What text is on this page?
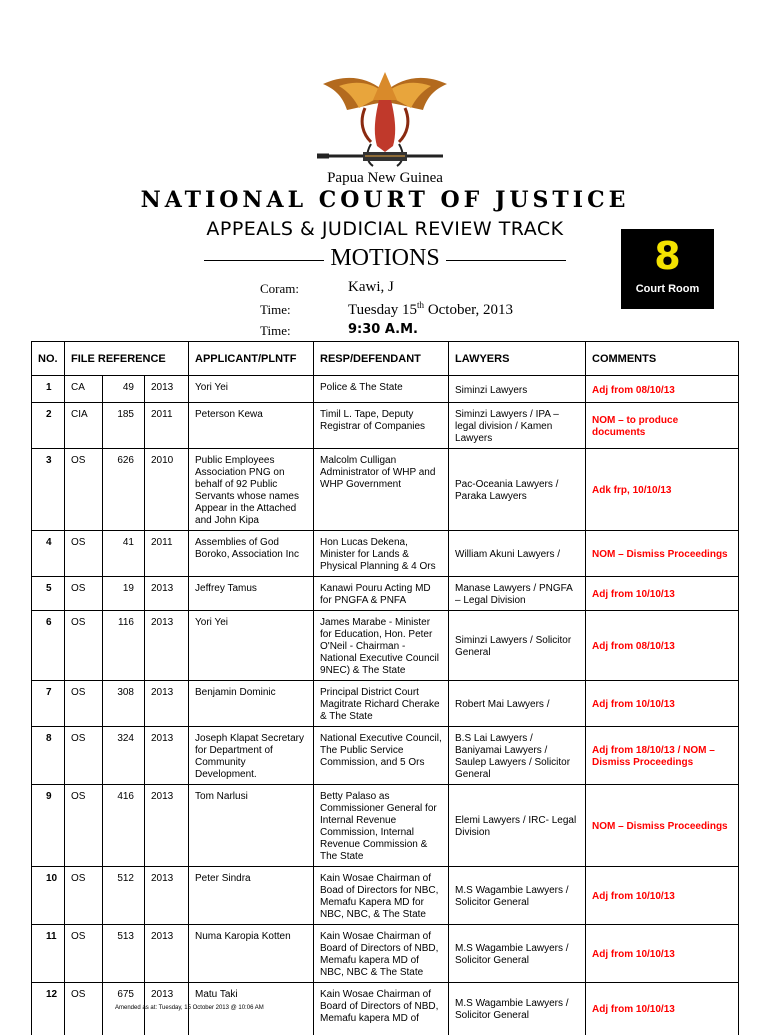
Papua New Guinea
NATIONAL COURT OF JUSTICE
APPEALS & JUDICIAL REVIEW TRACK
MOTIONS	8
Court Room
Coram:	Kawi, J
Time:	Tuesday 15th October, 2013
Time:	9:30 A.M.
NO.	FILE REFERENCE			APPLICANT/PLNTF	RESP/DEFENDANT	LAWYERS	COMMENTS
1	CA	49	2013	Yori Yei	Police & The State	Siminzi Lawyers	Adj from 08/10/13
2	CIA	185	2011	Peterson Kewa	Timil L. Tape, Deputy Registrar of Companies	Siminzi Lawyers / IPA – legal division / Kamen Lawyers	NOM – to produce documents
3	OS	626	2010	Public Employees Association PNG on behalf of 92 Public Servants whose names Appear in the Attached and John Kipa	Malcolm Culligan Administrator of WHP and WHP Government	Pac-Oceania Lawyers / Paraka Lawyers	Adk frp, 10/10/13
4	OS	41	2011	Assemblies of God Boroko, Association Inc	Hon Lucas Dekena, Minister for Lands & Physical Planning & 4 Ors	William Akuni Lawyers /	NOM – Dismiss Proceedings
5	OS	19	2013	Jeffrey Tamus	Kanawi Pouru Acting MD for PNGFA & PNFA	Manase Lawyers / PNGFA – Legal Division	Adj from 10/10/13
6	OS	116	2013	Yori Yei	James Marabe - Minister for Education, Hon. Peter O'Neil - Chairman - National Executive Council 9NEC) & The State	Siminzi Lawyers / Solicitor General	Adj from 08/10/13
7	OS	308	2013	Benjamin Dominic	Principal District Court Magitrate Richard Cherake & The State	Robert Mai Lawyers /	Adj from 10/10/13
8	OS	324	2013	Joseph Klapat Secretary for Department of Community Development.	National Executive Council, The Public Service Commission, and 5 Ors	B.S Lai Lawyers / Baniyamai Lawyers / Saulep Lawyers / Solicitor General	Adj from 18/10/13 / NOM – Dismiss Proceedings
9	OS	416	2013	Tom Narlusi	Betty Palaso as Commissioner General for Internal Revenue Commission, Internal Revenue Commission & The State	Elemi Lawyers / IRC- Legal Division	NOM – Dismiss Proceedings
10	OS	512	2013	Peter Sindra	Kain Wosae Chairman of Boad of Directors for NBC, Memafu Kapera MD for NBC, NBC, & The State	M.S Wagambie Lawyers / Solicitor General	Adj from 10/10/13
11	OS	513	2013	Numa Karopia Kotten	Kain Wosae Chairman of Board of Directors of NBD, Memafu kapera MD of NBC, NBC & The State	M.S Wagambie Lawyers / Solicitor General	Adj from 10/10/13
12	OS	675	2013	Matu Taki	Kain Wosae Chairman of Board of Directors of NBD, Memafu kapera MD of	M.S Wagambie Lawyers / Solicitor General	Adj from 10/10/13
Amended as at: Tuesday, 15 October 2013 @ 10:06 AM
